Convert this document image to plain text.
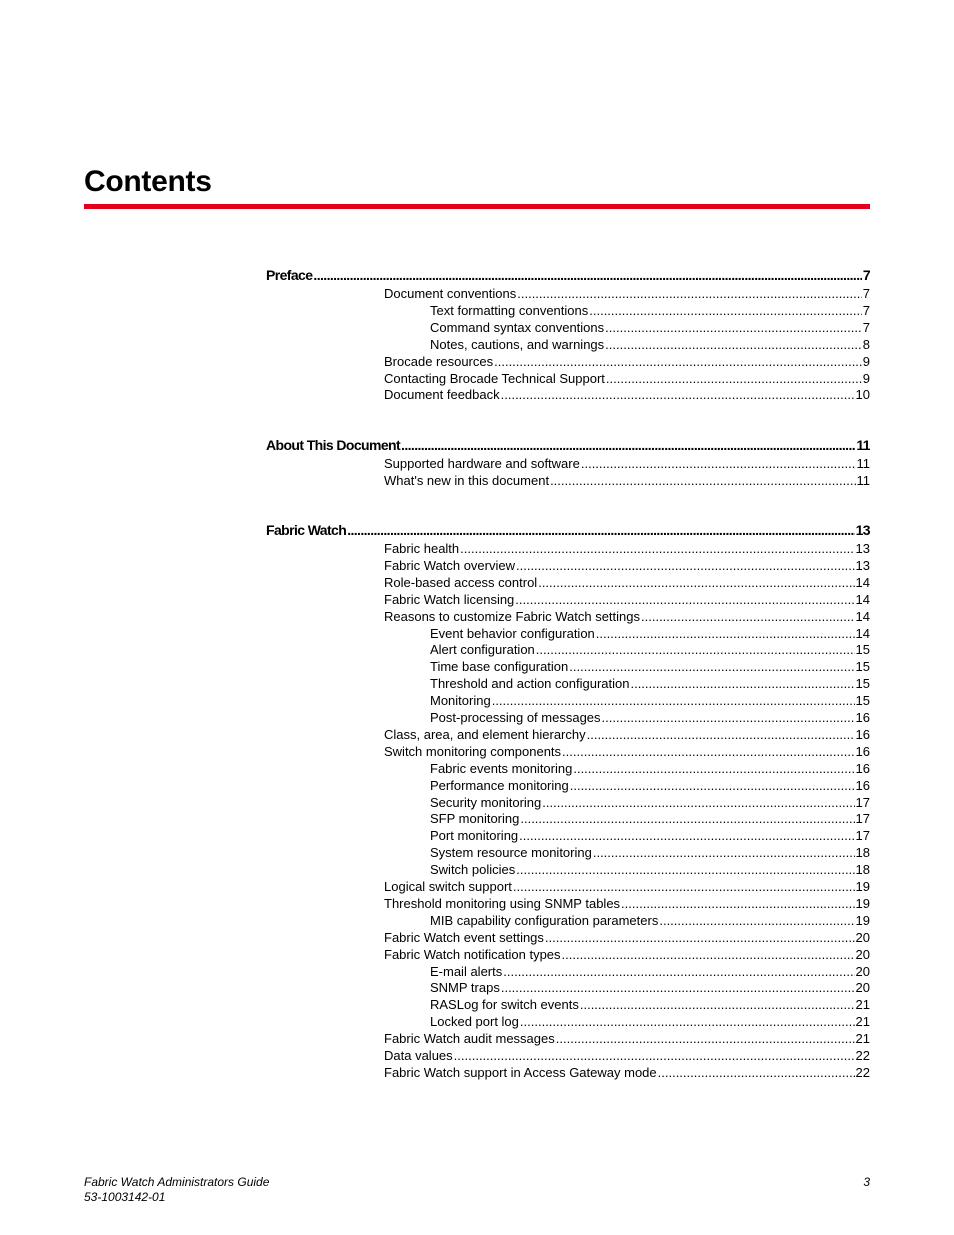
Contents
Preface .....	7
Document conventions .....	7
Text formatting conventions .....	7
Command syntax conventions .....	7
Notes, cautions, and warnings .....	8
Brocade resources .....	9
Contacting Brocade Technical Support .....	9
Document feedback .....	10
About This Document .....	11
Supported hardware and software .....	11
What's new in this document .....	11
Fabric Watch .....	13
Fabric health .....	13
Fabric Watch overview .....	13
Role-based access control .....	14
Fabric Watch licensing .....	14
Reasons to customize Fabric Watch settings .....	14
Event behavior configuration .....	14
Alert configuration .....	15
Time base configuration .....	15
Threshold and action configuration .....	15
Monitoring .....	15
Post-processing of messages .....	16
Class, area, and element hierarchy .....	16
Switch monitoring components .....	16
Fabric events monitoring .....	16
Performance monitoring .....	16
Security monitoring .....	17
SFP monitoring .....	17
Port monitoring .....	17
System resource monitoring .....	18
Switch policies .....	18
Logical switch support .....	19
Threshold monitoring using SNMP tables .....	19
MIB capability configuration parameters .....	19
Fabric Watch event settings .....	20
Fabric Watch notification types .....	20
E-mail alerts .....	20
SNMP traps .....	20
RASLog for switch events .....	21
Locked port log .....	21
Fabric Watch audit messages .....	21
Data values .....	22
Fabric Watch support in Access Gateway mode .....	22

Fabric Watch Administrators Guide

53-1003142-01

3
